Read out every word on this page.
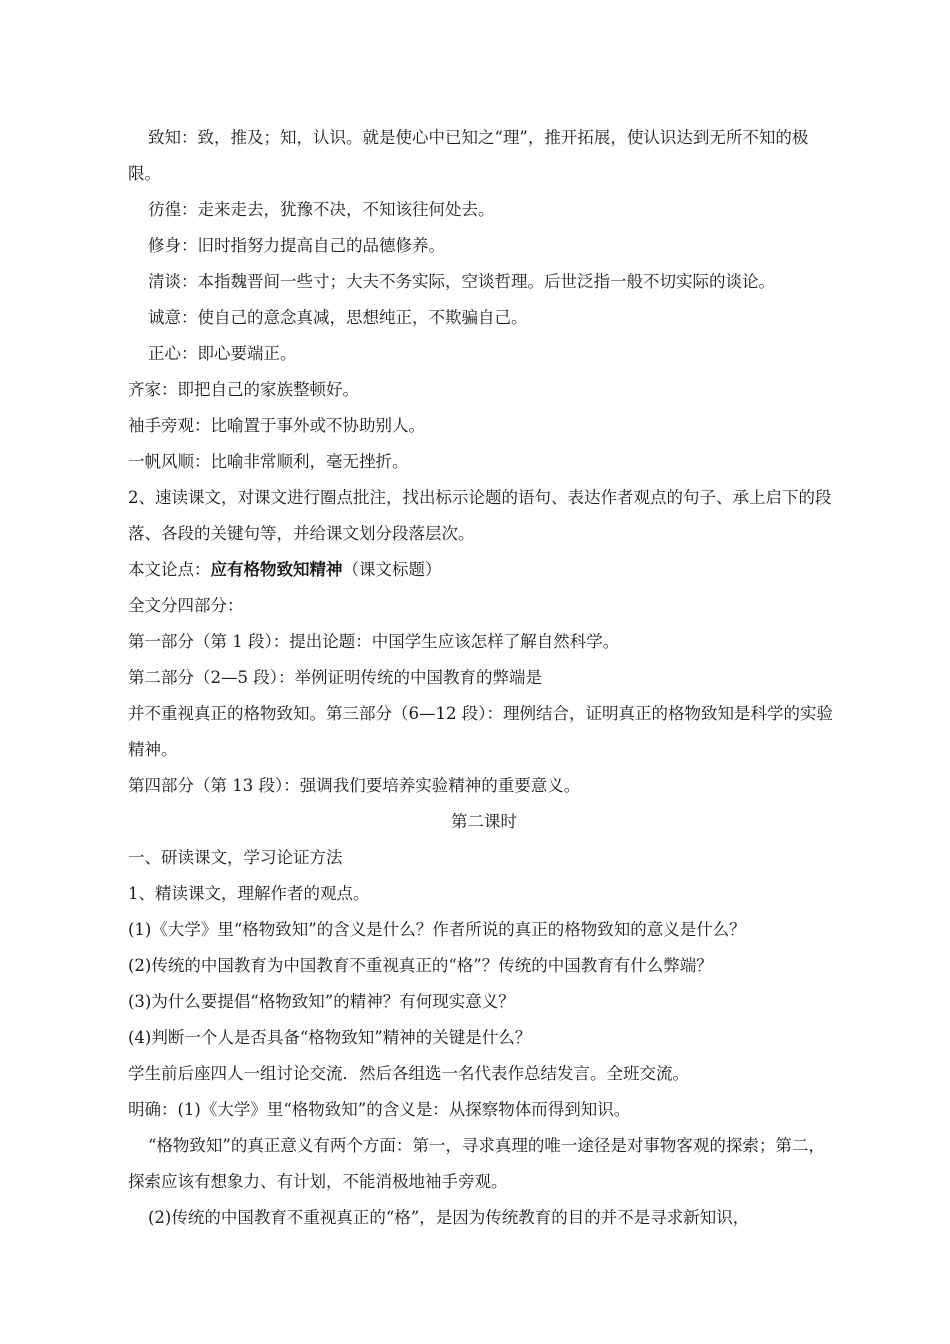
致知：致，推及；知，认识。就是使心中已知之“理”，推开拓展，使认识达到无所不知的极限。

彷徨：走来走去，犹豫不决，不知该往何处去。

修身：旧时指努力提高自己的品德修养。

清谈：本指魏晋间一些寸；大夫不务实际，空谈哲理。后世泛指一般不切实际的谈论。

诚意：使自己的意念真减，思想纯正，不欺骗自己。

正心：即心要端正。

齐家：即把自己的家族整顿好。

袖手旁观：比喻置于事外或不协助别人。

一帆风顺：比喻非常顺利，毫无挫折。

2、速读课文，对课文进行圈点批注，找出标示论题的语句、表达作者观点的句子、承上启下的段落、各段的关键句等，并给课文划分段落层次。

本文论点：应有格物致知精神（课文标题）

全文分四部分：

第一部分（第 1 段）：提出论题：中国学生应该怎样了解自然科学。

第二部分（2—5 段）：举例证明传统的中国教育的弊端是

并不重视真正的格物致知。第三部分（6—12 段）：理例结合，证明真正的格物致知是科学的实验精神。

第四部分（第 13 段）：强调我们要培养实验精神的重要意义。

第二课时

一、研读课文，学习论证方法

1、精读课文，理解作者的观点。

(1)《大学》里“格物致知”的含义是什么？作者所说的真正的格物致知的意义是什么？

(2)传统的中国教育为中国教育不重视真正的“格”？传统的中国教育有什么弊端？

(3)为什么要提倡“格物致知”的精神？有何现实意义？

(4)判断一个人是否具备“格物致知”精神的关键是什么？

学生前后座四人一组讨论交流．然后各组选一名代表作总结发言。全班交流。

明确：(1)《大学》里“格物致知”的含义是：从探察物体而得到知识。

“格物致知”的真正意义有两个方面：第一，寻求真理的唯一途径是对事物客观的探索；第二，探索应该有想象力、有计划，不能消极地袖手旁观。

(2)传统的中国教育不重视真正的“格”，是因为传统教育的目的并不是寻求新知识，
